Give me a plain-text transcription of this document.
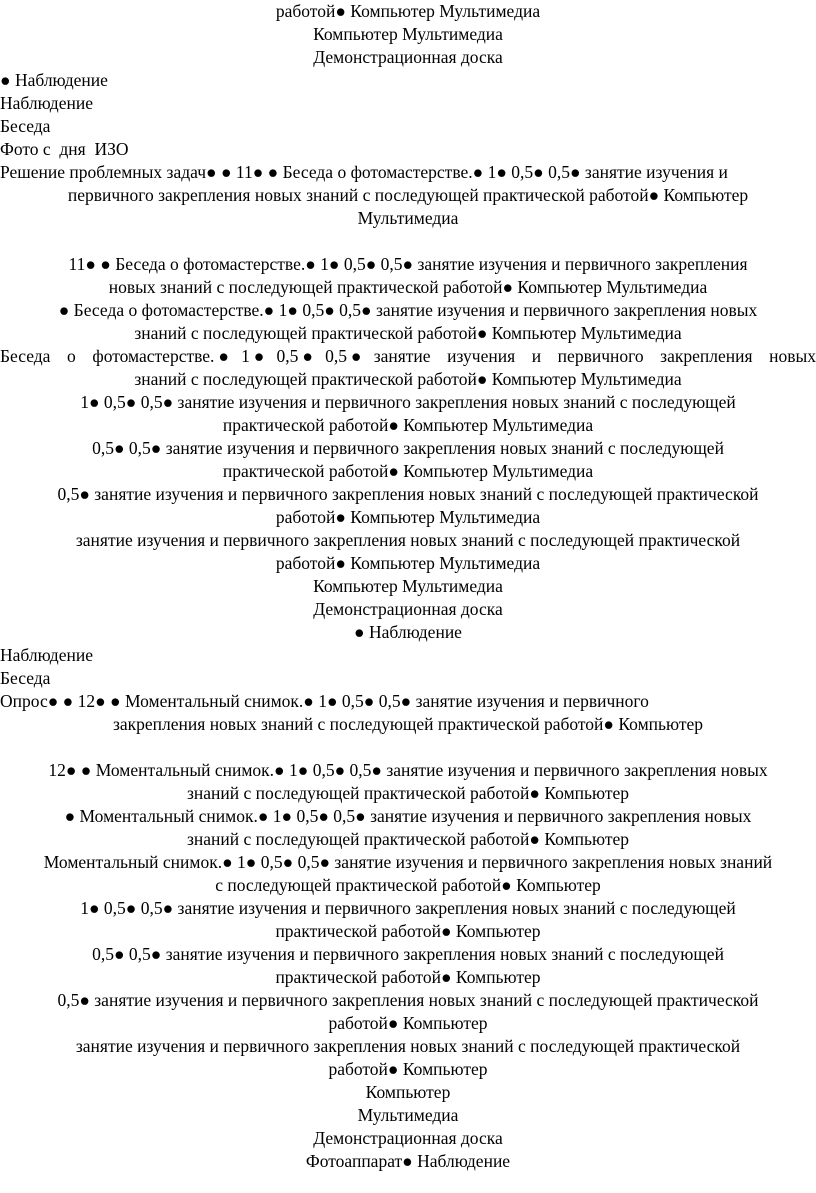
работой● Компьютер Мультимедиа
Компьютер Мультимедиа
Демонстрационная доска
● Наблюдение
Наблюдение
Беседа
Фото с  дня  ИЗО
Решение проблемных задач● ● 11● ● Беседа о фотомастерстве.● 1● 0,5● 0,5● занятие изучения и
первичного закрепления новых знаний с последующей практической работой● Компьютер
Мультимедиа
11● ● Беседа о фотомастерстве.● 1● 0,5● 0,5● занятие изучения и первичного закрепления
новых знаний с последующей практической работой● Компьютер Мультимедиа
● Беседа о фотомастерстве.● 1● 0,5● 0,5● занятие изучения и первичного закрепления новых
знаний с последующей практической работой● Компьютер Мультимедиа
Беседа  о  фотомастерстве.● 1● 0,5● 0,5● занятие  изучения  и  первичного  закрепления  новых
знаний с последующей практической работой● Компьютер Мультимедиа
1● 0,5● 0,5● занятие изучения и первичного закрепления новых знаний с последующей
практической работой● Компьютер Мультимедиа
0,5● 0,5● занятие изучения и первичного закрепления новых знаний с последующей
практической работой● Компьютер Мультимедиа
0,5● занятие изучения и первичного закрепления новых знаний с последующей практической
работой● Компьютер Мультимедиа
занятие изучения и первичного закрепления новых знаний с последующей практической
работой● Компьютер Мультимедиа
Компьютер Мультимедиа
Демонстрационная доска
● Наблюдение
Наблюдение
Беседа
Опрос● ● 12● ● Моментальный снимок.● 1● 0,5● 0,5● занятие изучения и первичного
закрепления новых знаний с последующей практической работой● Компьютер
12● ● Моментальный снимок.● 1● 0,5● 0,5● занятие изучения и первичного закрепления новых
знаний с последующей практической работой● Компьютер
● Моментальный снимок.● 1● 0,5● 0,5● занятие изучения и первичного закрепления новых
знаний с последующей практической работой● Компьютер
Моментальный снимок.● 1● 0,5● 0,5● занятие изучения и первичного закрепления новых знаний
с последующей практической работой● Компьютер
1● 0,5● 0,5● занятие изучения и первичного закрепления новых знаний с последующей
практической работой● Компьютер
0,5● 0,5● занятие изучения и первичного закрепления новых знаний с последующей
практической работой● Компьютер
0,5● занятие изучения и первичного закрепления новых знаний с последующей практической
работой● Компьютер
занятие изучения и первичного закрепления новых знаний с последующей практической
работой● Компьютер
Компьютер
Мультимедиа
Демонстрационная доска
Фотоаппарат● Наблюдение
